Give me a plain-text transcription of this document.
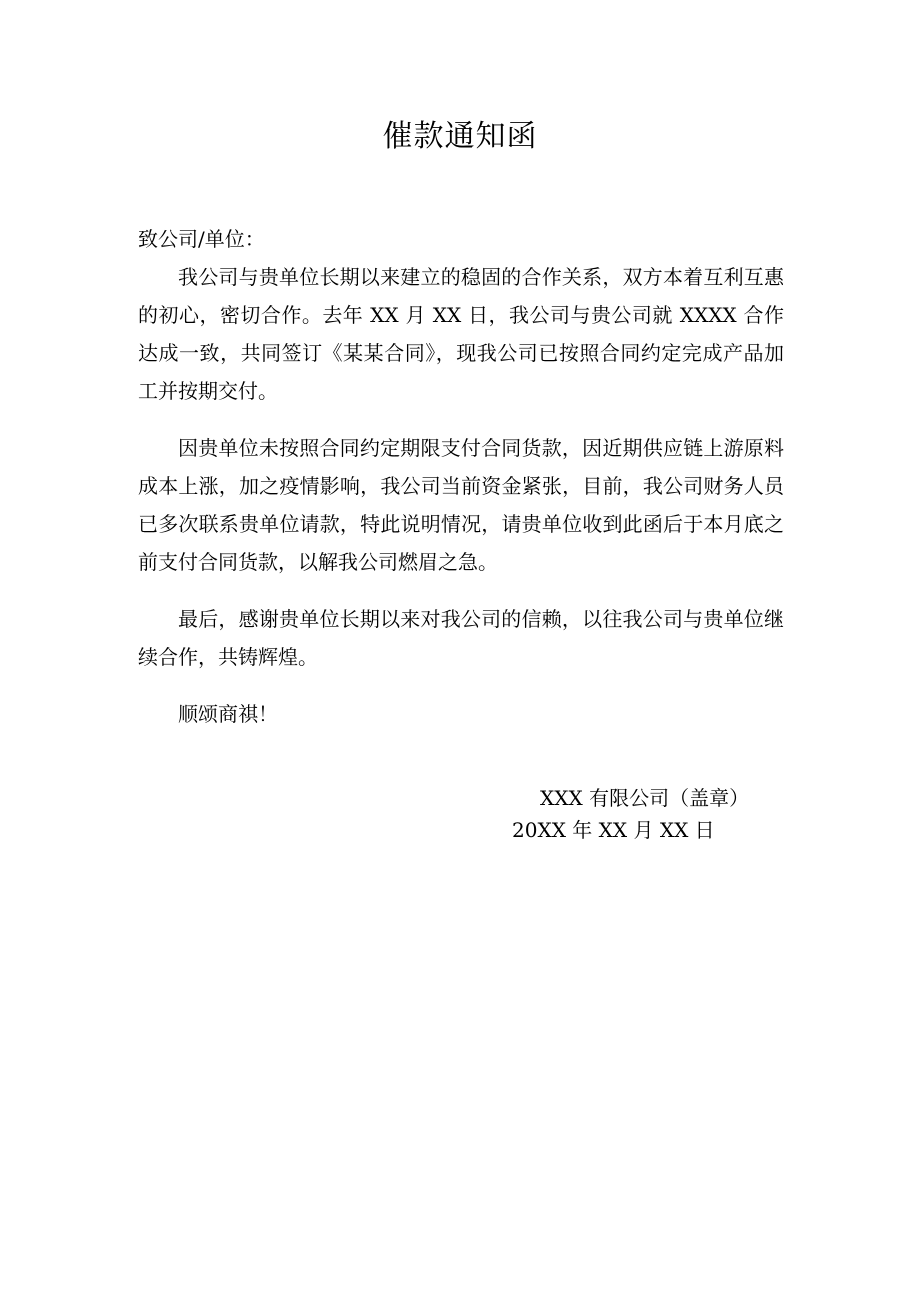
催款通知函

致公司/单位：

我公司与贵单位长期以来建立的稳固的合作关系，双方本着互利互惠的初心，密切合作。去年 XX 月 XX 日，我公司与贵公司就 XXXX 合作达成一致，共同签订《某某合同》，现我公司已按照合同约定完成产品加工并按期交付。

因贵单位未按照合同约定期限支付合同货款，因近期供应链上游原料成本上涨，加之疫情影响，我公司当前资金紧张，目前，我公司财务人员已多次联系贵单位请款，特此说明情况，请贵单位收到此函后于本月底之前支付合同货款，以解我公司燃眉之急。

最后，感谢贵单位长期以来对我公司的信赖，以往我公司与贵单位继续合作，共铸辉煌。

顺颂商祺！

XXX 有限公司（盖章）
20XX 年 XX 月 XX 日
